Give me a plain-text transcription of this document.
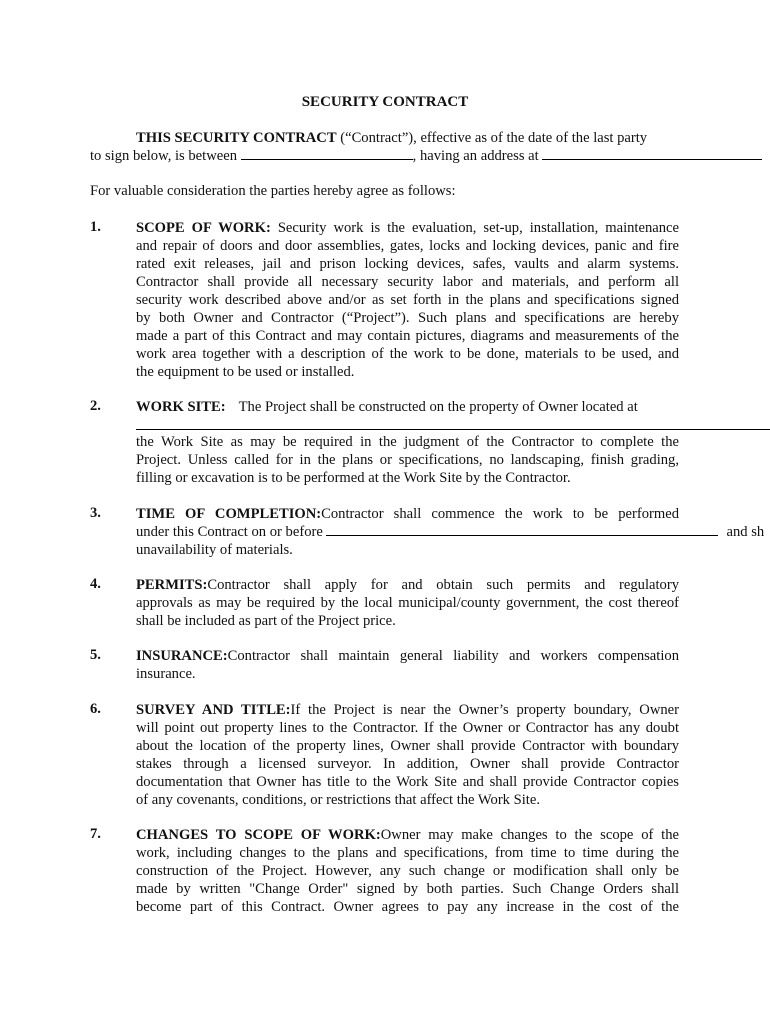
SECURITY CONTRACT
THIS SECURITY CONTRACT (“Contract”), effective as of the date of the last party
to sign below, is between	, having an address at
For valuable consideration the parties hereby agree as follows:
1. SCOPE OF WORK: Security work is the evaluation, set-up, installation, maintenance
and repair of doors and door assemblies, gates, locks and locking devices, panic and fire
rated exit releases, jail and prison locking devices, safes, vaults and alarm systems.
Contractor shall provide all necessary security labor and materials, and perform all
security work described above and/or as set forth in the plans and specifications signed
by both Owner and Contractor (“Project”). Such plans and specifications are hereby
made a part of this Contract and may contain pictures, diagrams and measurements of the
work area together with a description of the work to be done, materials to be used, and
the equipment to be used or installed.
2. WORK SITE: The Project shall be constructed on the property of Owner located at
the Work Site as may be required in the judgment of the Contractor to complete the
Project. Unless called for in the plans or specifications, no landscaping, finish grading,
filling or excavation is to be performed at the Work Site by the Contractor.
3. TIME OF COMPLETION:Contractor shall commence the work to be performed
under this Contract on or before	and sh
unavailability of materials.
4. PERMITS:Contractor shall apply for and obtain such permits and regulatory
approvals as may be required by the local municipal/county government, the cost thereof
shall be included as part of the Project price.
5. INSURANCE:Contractor shall maintain general liability and workers compensation
insurance.
6. SURVEY AND TITLE:If the Project is near the Owner’s property boundary, Owner
will point out property lines to the Contractor. If the Owner or Contractor has any doubt
about the location of the property lines, Owner shall provide Contractor with boundary
stakes through a licensed surveyor. In addition, Owner shall provide Contractor
documentation that Owner has title to the Work Site and shall provide Contractor copies
of any covenants, conditions, or restrictions that affect the Work Site.
7. CHANGES TO SCOPE OF WORK:Owner may make changes to the scope of the
work, including changes to the plans and specifications, from time to time during the
construction of the Project. However, any such change or modification shall only be
made by written "Change Order" signed by both parties. Such Change Orders shall
become part of this Contract. Owner agrees to pay any increase in the cost of the
